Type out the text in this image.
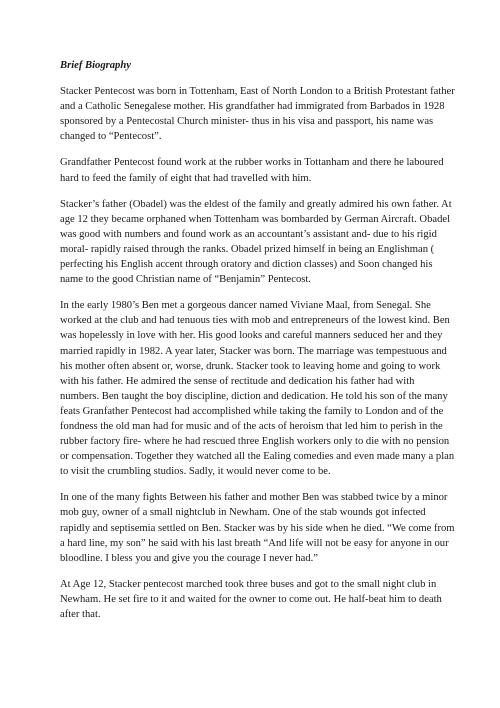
Brief Biography

Stacker Pentecost was born in Tottenham, East of North London to a British Protestant father and a Catholic Senegalese mother. His grandfather had immigrated from Barbados in 1928 sponsored by a Pentecostal Church minister- thus in his visa and passport, his name was changed to “Pentecost”.

Grandfather Pentecost found work at the rubber works in Tottanham and there he laboured hard to feed the family of eight that had travelled with him.

Stacker’s father (Obadel) was the eldest of the family and greatly admired his own father. At age 12 they became orphaned when Tottenham was bombarded by German Aircraft. Obadel was good with numbers and found work as an accountant’s assistant and- due to his rigid moral- rapidly raised through the ranks. Obadel prized himself in being an Englishman ( perfecting his English accent through oratory and diction classes) and Soon changed his name to the good Christian name of “Benjamin” Pentecost.

In the early 1980’s Ben met a gorgeous dancer named Viviane Maal, from Senegal. She worked at the club and had tenuous ties with mob and entrepreneurs of the lowest kind. Ben was hopelessly in love with her. His good looks and careful manners seduced her and they married rapidly in 1982. A year later, Stacker was born. The marriage was tempestuous and his mother often absent or, worse, drunk. Stacker took to leaving home and going to work with his father. He admired the sense of rectitude and dedication his father had with numbers. Ben taught the boy discipline, diction and dedication. He told his son of the many feats Granfather Pentecost had accomplished while taking the family to London and of the fondness the old man had for music and of the acts of heroism that led him to perish in the rubber factory fire- where he had rescued three English workers only to die with no pension or compensation. Together they watched all the Ealing comedies and even made many a plan to visit the crumbling studios. Sadly, it would never come to be.

In one of the many fights Between his father and mother Ben was stabbed twice by a minor mob guy, owner of a small nightclub in Newham. One of the stab wounds got infected rapidly and septisemia settled on Ben. Stacker was by his side when he died. “We come from a hard line, my son” he said with his last breath “And life will not be easy for anyone in our bloodline. I bless you and give you the courage I never had.”

At Age 12, Stacker pentecost marched took three buses and got to the small night club in Newham. He set fire to it and waited for the owner to come out. He half-beat him to death after that.
